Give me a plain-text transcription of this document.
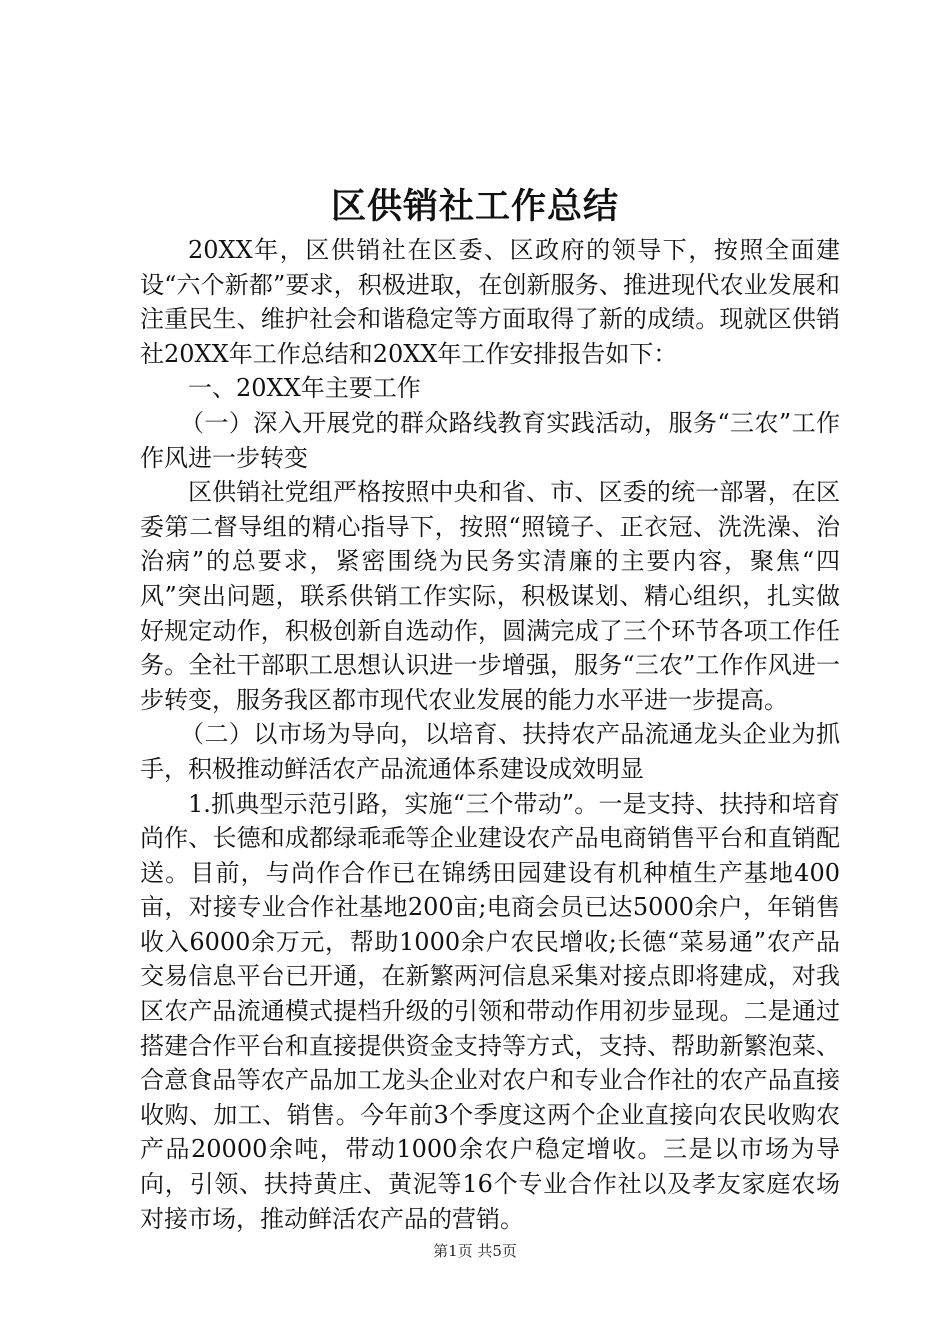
区供销社工作总结

20XX年，区供销社在区委、区政府的领导下，按照全面建设“六个新都”要求，积极进取，在创新服务、推进现代农业发展和注重民生、维护社会和谐稳定等方面取得了新的成绩。现就区供销社20XX年工作总结和20XX年工作安排报告如下：

一、20XX年主要工作

（一）深入开展党的群众路线教育实践活动，服务“三农”工作作风进一步转变

区供销社党组严格按照中央和省、市、区委的统一部署，在区委第二督导组的精心指导下，按照“照镜子、正衣冠、洗洗澡、治治病”的总要求，紧密围绕为民务实清廉的主要内容，聚焦“四风”突出问题，联系供销工作实际，积极谋划、精心组织，扎实做好规定动作，积极创新自选动作，圆满完成了三个环节各项工作任务。全社干部职工思想认识进一步增强，服务“三农”工作作风进一步转变，服务我区都市现代农业发展的能力水平进一步提高。

（二）以市场为导向，以培育、扶持农产品流通龙头企业为抓手，积极推动鲜活农产品流通体系建设成效明显

1.抓典型示范引路，实施“三个带动”。一是支持、扶持和培育尚作、长德和成都绿乖乖等企业建设农产品电商销售平台和直销配送。目前，与尚作合作已在锦绣田园建设有机种植生产基地400亩，对接专业合作社基地200亩;电商会员已达5000余户，年销售收入6000余万元，帮助1000余户农民增收;长德“菜易通”农产品交易信息平台已开通，在新繁两河信息采集对接点即将建成，对我区农产品流通模式提档升级的引领和带动作用初步显现。二是通过搭建合作平台和直接提供资金支持等方式，支持、帮助新繁泡菜、合意食品等农产品加工龙头企业对农户和专业合作社的农产品直接收购、加工、销售。今年前3个季度这两个企业直接向农民收购农产品20000余吨，带动1000余农户稳定增收。三是以市场为导向，引领、扶持黄庄、黄泥等16个专业合作社以及孝友家庭农场对接市场，推动鲜活农产品的营销。

第1页 共5页
